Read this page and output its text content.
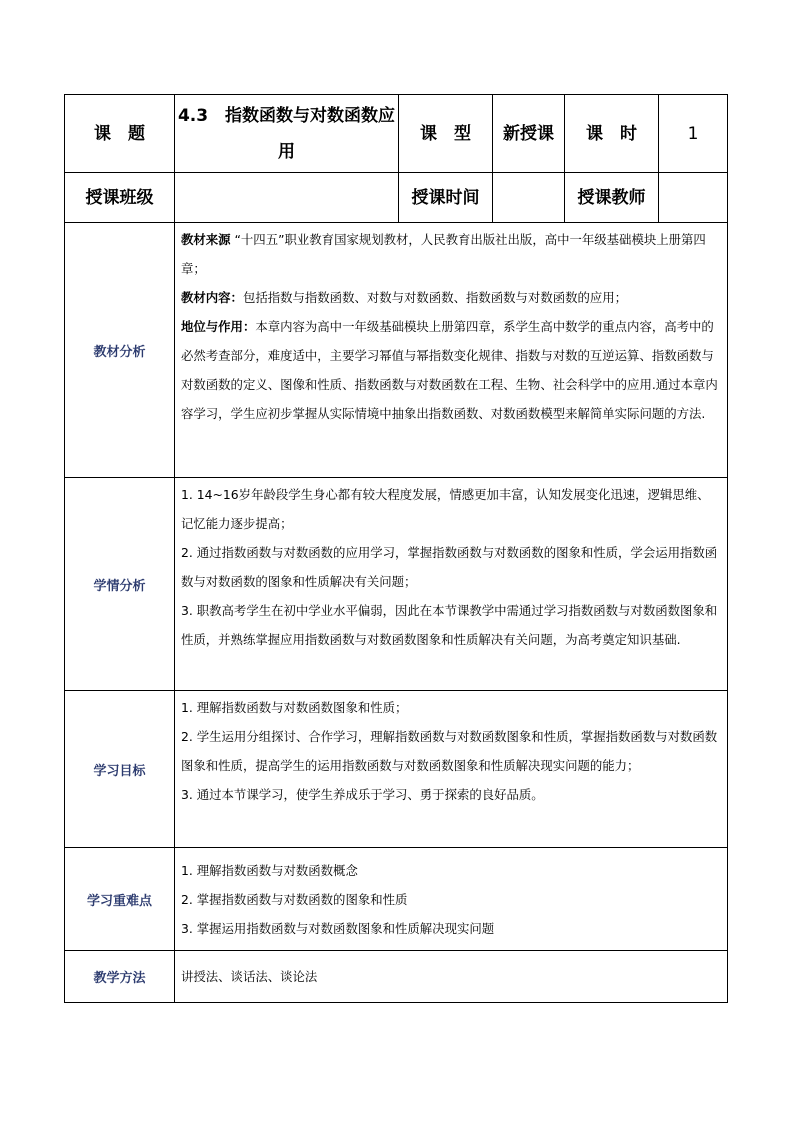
课　题	4.3　指数函数与对数函数应用	课　型	新授课	课　时	1
授课班级		授课时间		授课教师	
教材分析	教材来源 “十四五”职业教育国家规划教材，人民教育出版社出版，高中一年级基础模块上册第四章；

教材内容：包括指数与指数函数、对数与对数函数、指数函数与对数函数的应用；

地位与作用：本章内容为高中一年级基础模块上册第四章，系学生高中数学的重点内容，高考中的必然考查部分，难度适中，主要学习幂值与幂指数变化规律、指数与对数的互逆运算、指数函数与对数函数的定义、图像和性质、指数函数与对数函数在工程、生物、社会科学中的应用.通过本章内容学习，学生应初步掌握从实际情境中抽象出指数函数、对数函数模型来解简单实际问题的方法.				

学情分析	1. 14~16岁年龄段学生身心都有较大程度发展，情感更加丰富，认知发展变化迅速，逻辑思维、记忆能力逐步提高；

2. 通过指数函数与对数函数的应用学习，掌握指数函数与对数函数的图象和性质，学会运用指数函数与对数函数的图象和性质解决有关问题；

3. 职教高考学生在初中学业水平偏弱，因此在本节课教学中需通过学习指数函数与对数函数图象和性质，并熟练掌握应用指数函数与对数函数图象和性质解决有关问题，为高考奠定知识基础.				

学习目标	1. 理解指数函数与对数函数图象和性质；

2. 学生运用分组探讨、合作学习，理解指数函数与对数函数图象和性质，掌握指数函数与对数函数图象和性质，提高学生的运用指数函数与对数函数图象和性质解决现实问题的能力；

3. 通过本节课学习，使学生养成乐于学习、勇于探索的良好品质。				

学习重难点	1. 理解指数函数与对数函数概念

2. 掌握指数函数与对数函数的图象和性质

3. 掌握运用指数函数与对数函数图象和性质解决现实问题				

教学方法	讲授法、谈话法、谈论法				
